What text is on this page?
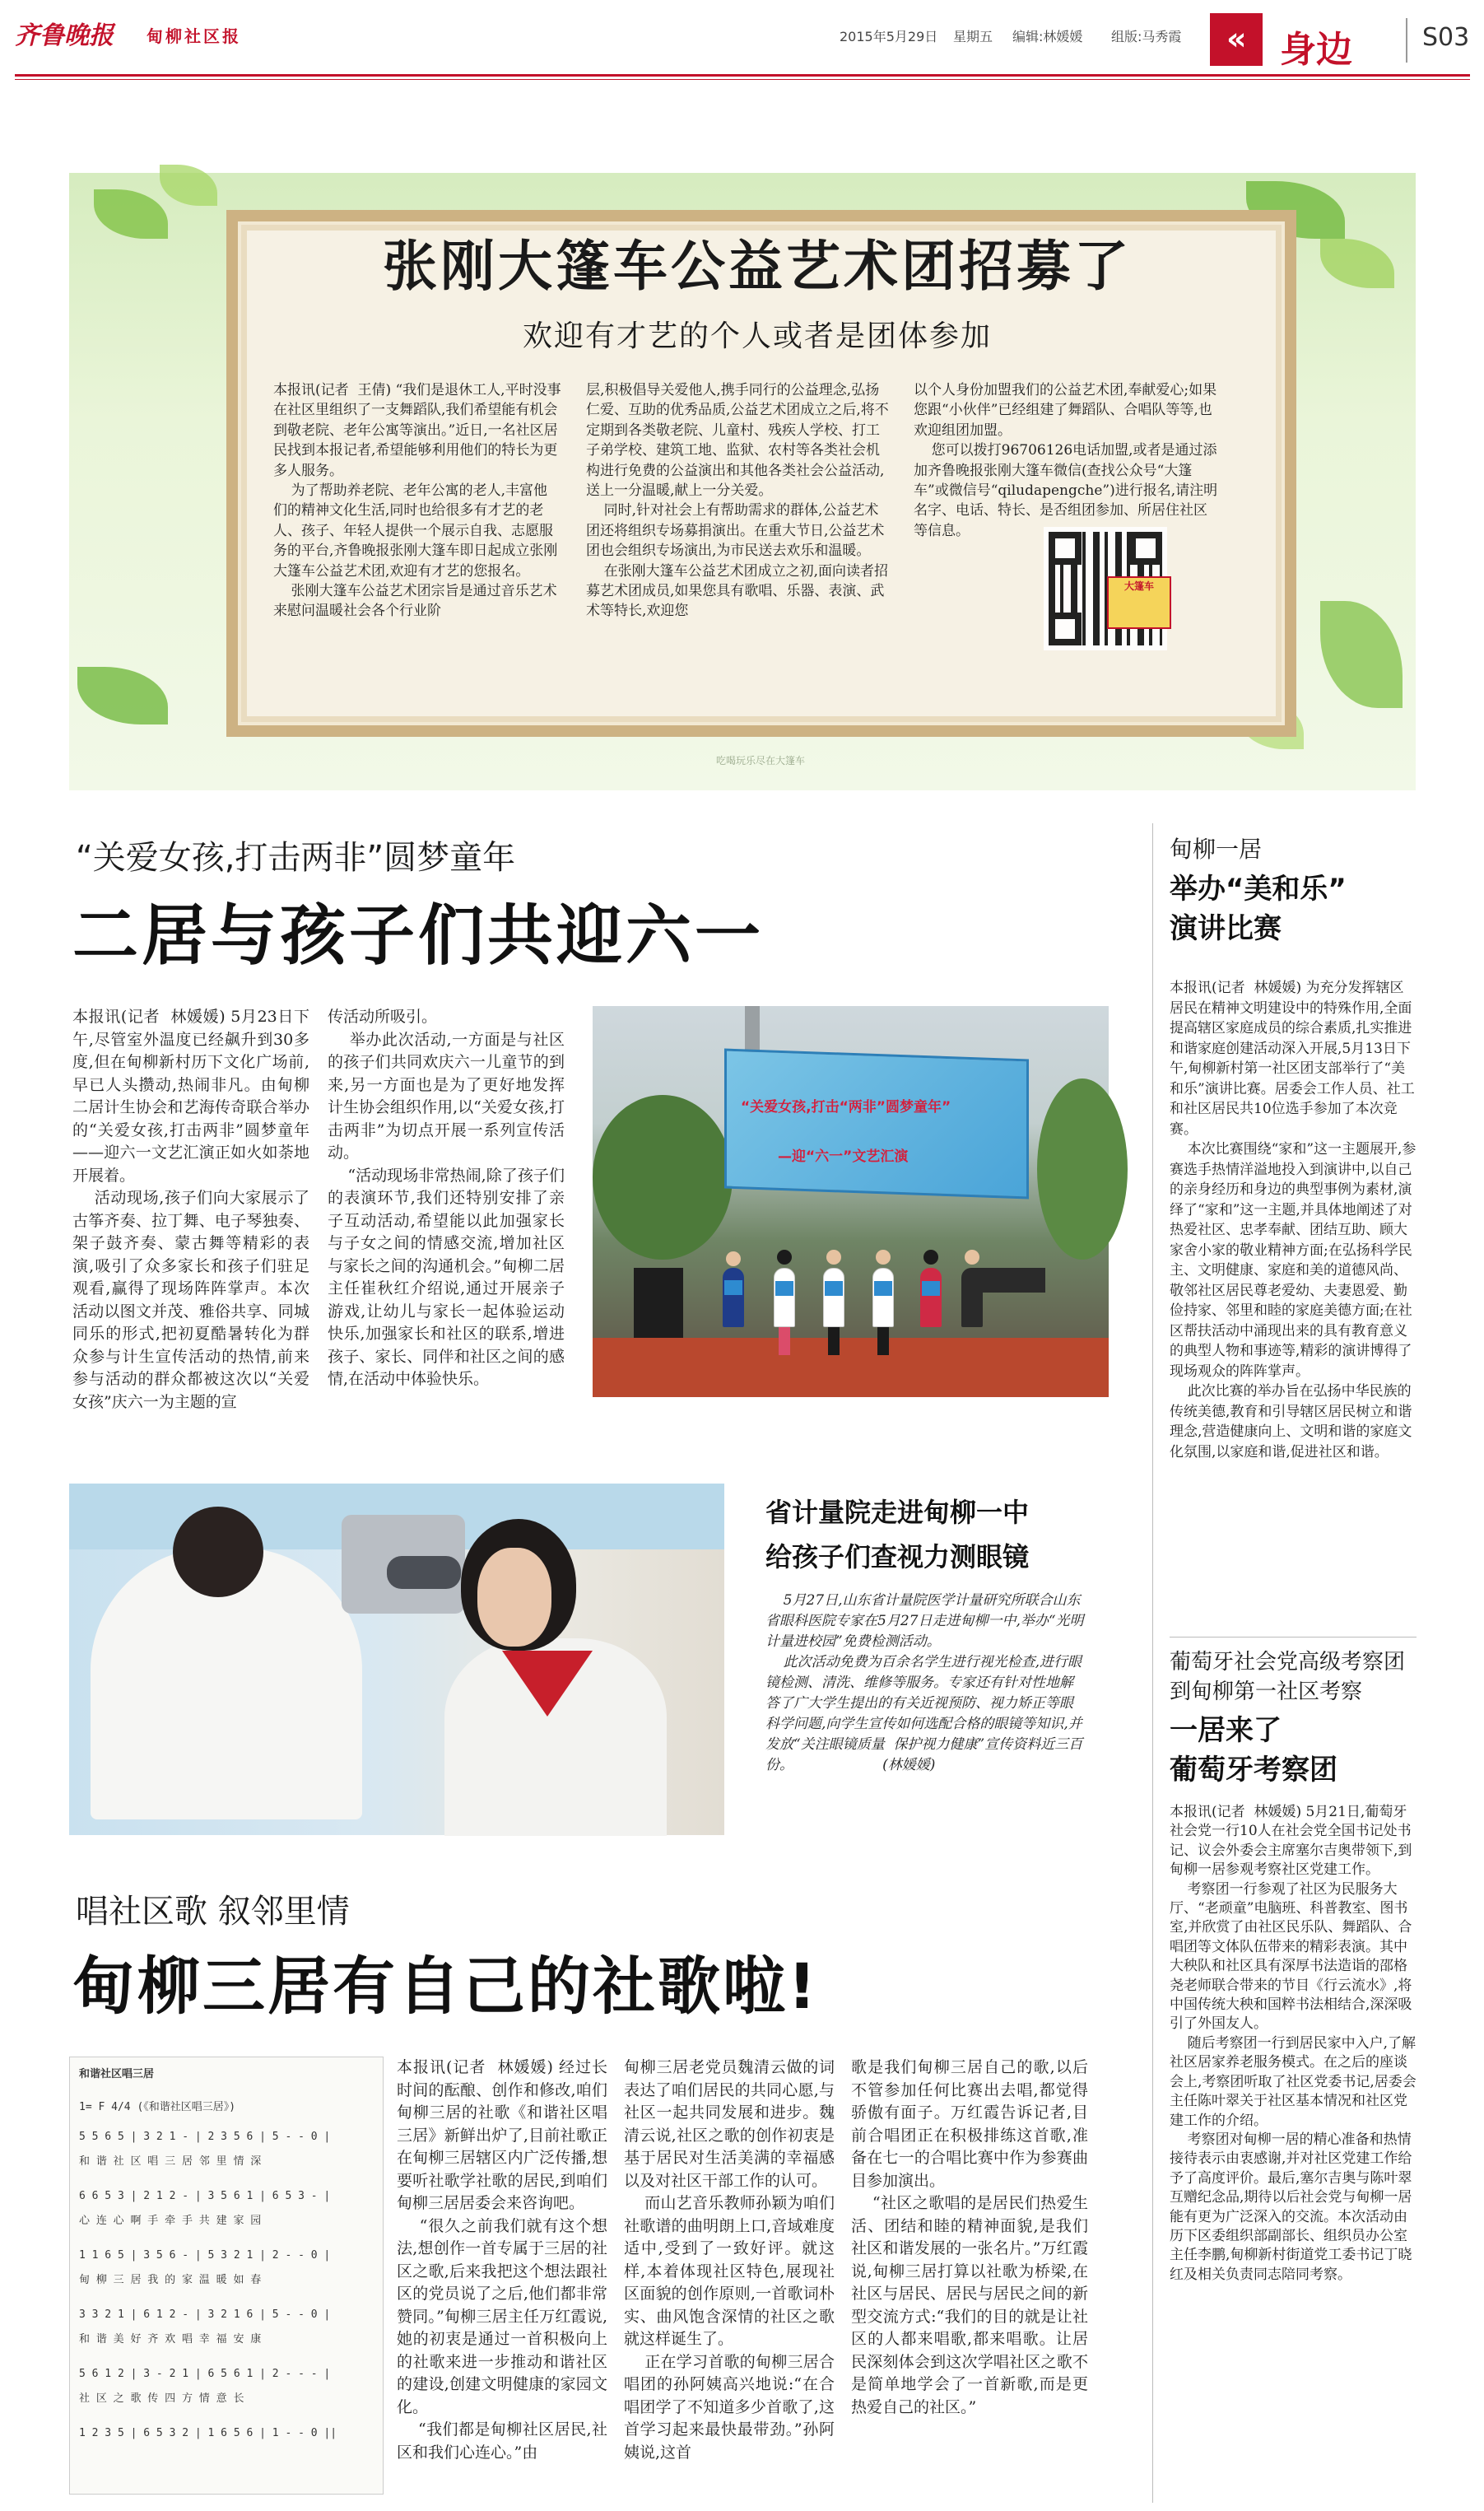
齐鲁晚报 甸柳社区报	2015年5月29日 星期五 编辑:林媛媛 组版:马秀霞 « 身边	S03
张刚大篷车公益艺术团招募了
欢迎有才艺的个人或者是团体参加
本报讯(记者  王倩) “我们是退休工人,平时没事在社区里组织了一支舞蹈队,我们希望能有机会到敬老院、老年公寓等演出。”近日,一名社区居民找到本报记者,希望能够利用他们的特长为更多人服务。
为了帮助养老院、老年公寓的老人,丰富他们的精神文化生活,同时也给很多有才艺的老人、孩子、年轻人提供一个展示自我、志愿服务的平台,齐鲁晚报张刚大篷车即日起成立张刚大篷车公益艺术团,欢迎有才艺的您报名。
张刚大篷车公益艺术团宗旨是通过音乐艺术来慰问温暖社会各个行业阶
层,积极倡导关爱他人,携手同行的公益理念,弘扬仁爱、互助的优秀品质,公益艺术团成立之后,将不定期到各类敬老院、儿童村、残疾人学校、打工子弟学校、建筑工地、监狱、农村等各类社会机构进行免费的公益演出和其他各类社会公益活动,送上一分温暖,献上一分关爱。
同时,针对社会上有帮助需求的群体,公益艺术团还将组织专场募捐演出。在重大节日,公益艺术团也会组织专场演出,为市民送去欢乐和温暖。
在张刚大篷车公益艺术团成立之初,面向读者招募艺术团成员,如果您具有歌唱、乐器、表演、武术等特长,欢迎您
以个人身份加盟我们的公益艺术团,奉献爱心;如果您跟“小伙伴”已经组建了舞蹈队、合唱队等等,也欢迎组团加盟。
您可以拨打96706126电话加盟,或者是通过添加齐鲁晚报张刚大篷车微信(查找公众号“大篷车”或微信号“qiludapengche”)进行报名,请注明名字、电话、特长、是否组团参加、所居住社区等信息。
大篷车
吃喝玩乐尽在大篷车
“关爱女孩,打击两非”圆梦童年
二居与孩子们共迎六一
本报讯(记者  林媛媛) 5月23日下午,尽管室外温度已经飙升到30多度,但在甸柳新村历下文化广场前,早已人头攒动,热闹非凡。由甸柳二居计生协会和艺海传奇联合举办的“关爱女孩,打击两非”圆梦童年——迎六一文艺汇演正如火如荼地开展着。
活动现场,孩子们向大家展示了古筝齐奏、拉丁舞、电子琴独奏、架子鼓齐奏、蒙古舞等精彩的表演,吸引了众多家长和孩子们驻足观看,赢得了现场阵阵掌声。本次活动以图文并茂、雅俗共享、同城同乐的形式,把初夏酷暑转化为群众参与计生宣传活动的热情,前来参与活动的群众都被这次以“关爱女孩”庆六一为主题的宣
传活动所吸引。
举办此次活动,一方面是与社区的孩子们共同欢庆六一儿童节的到来,另一方面也是为了更好地发挥计生协会组织作用,以“关爱女孩,打击两非”为切点开展一系列宣传活动。
“活动现场非常热闹,除了孩子们的表演环节,我们还特别安排了亲子互动活动,希望能以此加强家长与子女之间的情感交流,增加社区与家长之间的沟通机会。”甸柳二居主任崔秋红介绍说,通过开展亲子游戏,让幼儿与家长一起体验运动快乐,加强家长和社区的联系,增进孩子、家长、同伴和社区之间的感情,在活动中体验快乐。
“关爱女孩,打击“两非”圆梦童年”
—迎“六一”文艺汇演
省计量院走进甸柳一中
给孩子们查视力测眼镜
5月27日,山东省计量院医学计量研究所联合山东省眼科医院专家在5月27日走进甸柳一中,举办“光明计量进校园”免费检测活动。
此次活动免费为百余名学生进行视光检查,进行眼镜检测、清洗、维修等服务。专家还有针对性地解答了广大学生提出的有关近视预防、视力矫正等眼科学问题,向学生宣传如何选配合格的眼镜等知识,并发放“关注眼镜质量  保护视力健康”宣传资料近三百份。                    (林媛媛)
唱社区歌 叙邻里情
甸柳三居有自己的社歌啦!
和谐社区唱三居
1= F 4/4 (《和谐社区唱三居》)
5 5 6 5 | 3 2 1 - | 2 3 5 6 | 5 - - 0 |
和 谐 社 区 唱 三 居 邻 里 情 深
6 6 5 3 | 2 1 2 - | 3 5 6 1 | 6 5 3 - |
心 连 心 啊 手 牵 手 共 建 家 园
1 1 6 5 | 3 5 6 - | 5 3 2 1 | 2 - - 0 |
甸 柳 三 居 我 的 家 温 暖 如 春
3 3 2 1 | 6 1 2 - | 3 2 1 6 | 5 - - 0 |
和 谐 美 好 齐 欢 唱 幸 福 安 康
5 6 1 2 | 3 - 2 1 | 6 5 6 1 | 2 - - - |
社 区 之 歌 传 四 方 情 意 长
1 2 3 5 | 6 5 3 2 | 1 6 5 6 | 1 - - 0 ||
本报讯(记者  林媛媛) 经过长时间的酝酿、创作和修改,咱们甸柳三居的社歌《和谐社区唱三居》新鲜出炉了,目前社歌正在甸柳三居辖区内广泛传播,想要听社歌学社歌的居民,到咱们甸柳三居居委会来咨询吧。
“很久之前我们就有这个想法,想创作一首专属于三居的社区之歌,后来我把这个想法跟社区的党员说了之后,他们都非常赞同。”甸柳三居主任万红霞说,她的初衷是通过一首积极向上的社歌来进一步推动和谐社区的建设,创建文明健康的家园文化。
“我们都是甸柳社区居民,社区和我们心连心。”由
甸柳三居老党员魏清云做的词表达了咱们居民的共同心愿,与社区一起共同发展和进步。魏清云说,社区之歌的创作初衷是基于居民对生活美满的幸福感以及对社区干部工作的认可。
而山艺音乐教师孙颖为咱们社歌谱的曲明朗上口,音域难度适中,受到了一致好评。就这样,本着体现社区特色,展现社区面貌的创作原则,一首歌词朴实、曲风饱含深情的社区之歌就这样诞生了。
正在学习首歌的甸柳三居合唱团的孙阿姨高兴地说:“在合唱团学了不知道多少首歌了,这首学习起来最快最带劲。”孙阿姨说,这首
歌是我们甸柳三居自己的歌,以后不管参加任何比赛出去唱,都觉得骄傲有面子。万红霞告诉记者,目前合唱团正在积极排练这首歌,准备在七一的合唱比赛中作为参赛曲目参加演出。
“社区之歌唱的是居民们热爱生活、团结和睦的精神面貌,是我们社区和谐发展的一张名片。”万红霞说,甸柳三居打算以社歌为桥梁,在社区与居民、居民与居民之间的新型交流方式:“我们的目的就是让社区的人都来唱歌,都来唱歌。让居民深刻体会到这次学唱社区之歌不是简单地学会了一首新歌,而是更热爱自己的社区。”
甸柳一居
举办“美和乐”
演讲比赛
本报讯(记者  林媛媛) 为充分发挥辖区居民在精神文明建设中的特殊作用,全面提高辖区家庭成员的综合素质,扎实推进和谐家庭创建活动深入开展,5月13日下午,甸柳新村第一社区团支部举行了“美和乐”演讲比赛。居委会工作人员、社工和社区居民共10位选手参加了本次竞赛。
本次比赛围绕“家和”这一主题展开,参赛选手热情洋溢地投入到演讲中,以自己的亲身经历和身边的典型事例为素材,演绎了“家和”这一主题,并具体地阐述了对热爱社区、忠孝奉献、团结互助、顾大家舍小家的敬业精神方面;在弘扬科学民主、文明健康、家庭和美的道德风尚、敬邻社区居民尊老爱幼、夫妻恩爱、勤俭持家、邻里和睦的家庭美德方面;在社区帮扶活动中涌现出来的具有教育意义的典型人物和事迹等,精彩的演讲博得了现场观众的阵阵掌声。
此次比赛的举办旨在弘扬中华民族的传统美德,教育和引导辖区居民树立和谐理念,营造健康向上、文明和谐的家庭文化氛围,以家庭和谐,促进社区和谐。
葡萄牙社会党高级考察团
到甸柳第一社区考察
一居来了
葡萄牙考察团
本报讯(记者  林媛媛) 5月21日,葡萄牙社会党一行10人在社会党全国书记处书记、议会外委会主席塞尔吉奥带领下,到甸柳一居参观考察社区党建工作。
考察团一行参观了社区为民服务大厅、“老顽童”电脑班、科普教室、图书室,并欣赏了由社区民乐队、舞蹈队、合唱团等文体队伍带来的精彩表演。其中大秧队和社区具有深厚书法造诣的邵格尧老师联合带来的节目《行云流水》,将中国传统大秧和国粹书法相结合,深深吸引了外国友人。
随后考察团一行到居民家中入户,了解社区居家养老服务模式。在之后的座谈会上,考察团听取了社区党委书记,居委会主任陈叶翠关于社区基本情况和社区党建工作的介绍。
考察团对甸柳一居的精心准备和热情接待表示由衷感谢,并对社区党建工作给予了高度评价。最后,塞尔吉奥与陈叶翠互赠纪念品,期待以后社会党与甸柳一居能有更为广泛深入的交流。本次活动由历下区委组织部副部长、组织员办公室主任李鹏,甸柳新村街道党工委书记丁晓红及相关负责同志陪同考察。
